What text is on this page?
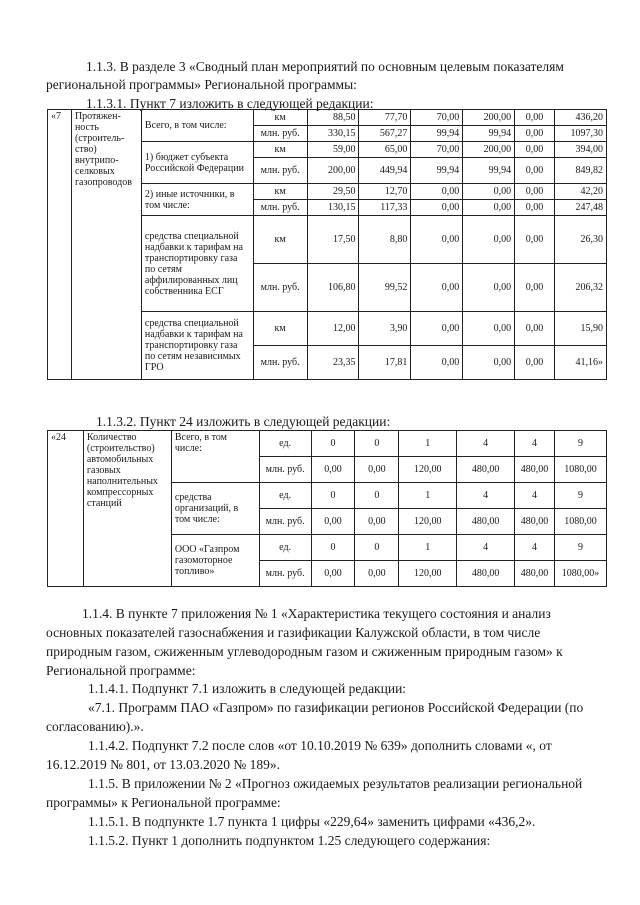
1.1.3. В разделе 3 «Сводный план мероприятий по основным целевым показателям
региональной программы» Региональной программы:
1.1.3.1. Пункт 7 изложить в следующей редакции:
«7	Протяжен-ность (строитель-ство) внутрипо-селковых газопроводов	Всего, в том числе:	км	88,50	77,70	70,00	200,00	0,00	436,20
			млн. руб.	330,15	567,27	99,94	99,94	0,00	1097,30
		1) бюджет субъекта Российской Федерации	км	59,00	65,00	70,00	200,00	0,00	394,00
			млн. руб.	200,00	449,94	99,94	99,94	0,00	849,82
		2) иные источники, в том числе:	км	29,50	12,70	0,00	0,00	0,00	42,20
			млн. руб.	130,15	117,33	0,00	0,00	0,00	247,48
		средства специальной надбавки к тарифам на транспортировку газа по сетям аффилированных лиц собственника ЕСГ	км	17,50	8,80	0,00	0,00	0,00	26,30
			млн. руб.	106,80	99,52	0,00	0,00	0,00	206,32
		средства специальной надбавки к тарифам на транспортировку газа по сетям независимых ГРО	км	12,00	3,90	0,00	0,00	0,00	15,90
			млн. руб.	23,35	17,81	0,00	0,00	0,00	41,16»
1.1.3.2. Пункт 24 изложить в следующей редакции:
«24	Количество (строительство) автомобильных газовых наполнительных компрессорных станций	Всего, в том числе:	ед.	0	0	1	4	4	9
			млн. руб.	0,00	0,00	120,00	480,00	480,00	1080,00
		средства организаций, в том числе:	ед.	0	0	1	4	4	9
			млн. руб.	0,00	0,00	120,00	480,00	480,00	1080,00
		ООО «Газпром газомоторное топливо»	ед.	0	0	1	4	4	9
			млн. руб.	0,00	0,00	120,00	480,00	480,00	1080,00»
1.1.4. В пункте 7 приложения № 1 «Характеристика текущего состояния и анализ
основных показателей газоснабжения и газификации Калужской области, в том числе
природным газом, сжиженным углеводородным газом и сжиженным природным газом» к
Региональной программе:
1.1.4.1. Подпункт 7.1 изложить в следующей редакции:
«7.1. Программ ПАО «Газпром» по газификации регионов Российской Федерации (по
согласованию).».
1.1.4.2. Подпункт 7.2 после слов «от 10.10.2019 № 639» дополнить словами «, от
16.12.2019 № 801, от 13.03.2020 № 189».
1.1.5. В приложении № 2 «Прогноз ожидаемых результатов реализации региональной
программы» к Региональной программе:
1.1.5.1. В подпункте 1.7 пункта 1 цифры «229,64» заменить цифрами «436,2».
1.1.5.2. Пункт 1 дополнить подпунктом 1.25 следующего содержания:
